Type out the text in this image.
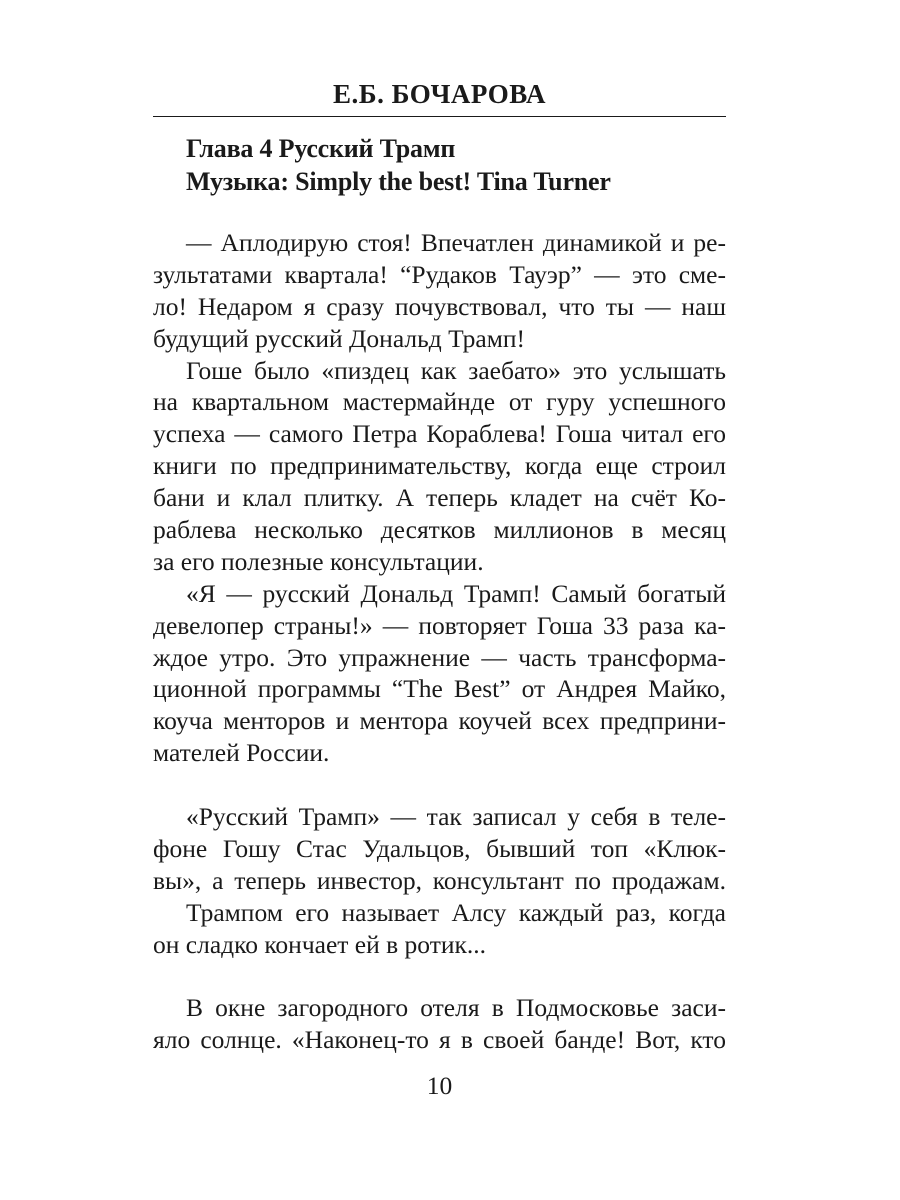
Е.Б. БОЧАРОВА
Глава 4 Русский Трамп
Музыка: Simply the best! Tina Turner
— Аплодирую стоя! Впечатлен динамикой и ре-
зультатами квартала! “Рудаков Тауэр” — это сме-
ло! Недаром я сразу почувствовал, что ты — наш
будущий русский Дональд Трамп!
Гоше было «пиздец как заебато» это услышать
на квартальном мастермайнде от гуру успешного
успеха — самого Петра Кораблева! Гоша читал его
книги по предпринимательству, когда еще строил
бани и клал плитку. А теперь кладет на счёт Ко-
раблева несколько десятков миллионов в месяц
за его полезные консультации.
«Я — русский Дональд Трамп! Самый богатый
девелопер страны!» — повторяет Гоша 33 раза ка-
ждое утро. Это упражнение — часть трансформа-
ционной программы “The Best” от Андрея Майко,
коуча менторов и ментора коучей всех предприни-
мателей России.
«Русский Трамп» — так записал у себя в теле-
фоне Гошу Стас Удальцов, бывший топ «Клюк-
вы», а теперь инвестор, консультант по продажам.
Трампом его называет Алсу каждый раз, когда
он сладко кончает ей в ротик...
В окне загородного отеля в Подмосковье заси-
яло солнце. «Наконец-то я в своей банде! Вот, кто
10
